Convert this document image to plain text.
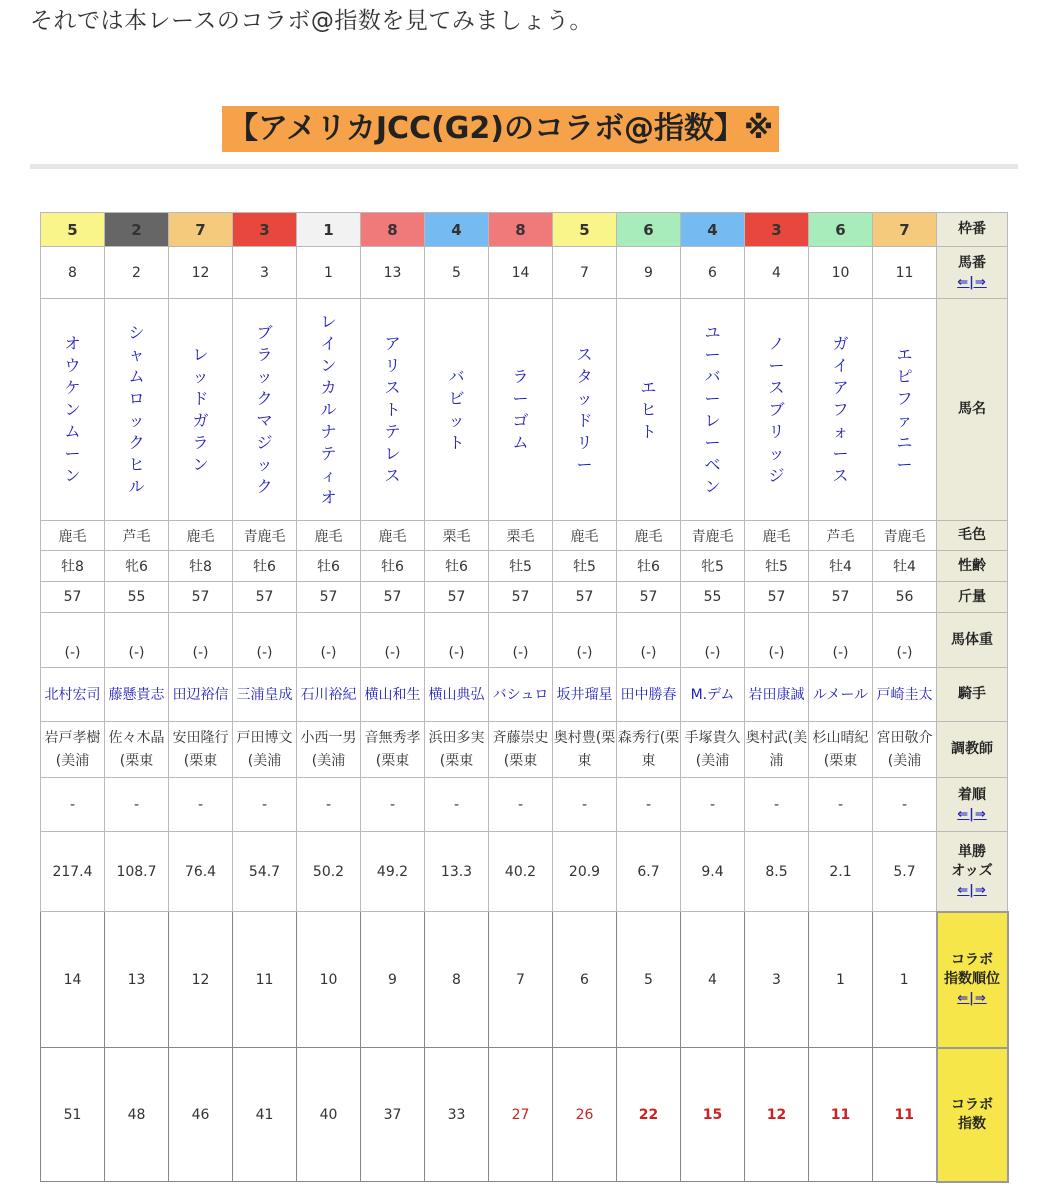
それでは本レースのコラボ@指数を見てみましょう。
【アメリカJCC(G2)のコラボ@指数】※
5	2	7	3	1	8	4	8	5	6	4	3	6	7	枠番
8	2	12	3	1	13	5	14	7	9	6	4	10	11	馬番
⇐|⇒

オウケンムーン	シャムロックヒル	レッドガラン	ブラックマジック	レインカルナティオ	アリストテレス	バビット	ラーゴム	スタッドリー	エヒト	ユーバーレーベン	ノースブリッジ	ガイアフォース	エピファニー	馬名
鹿毛	芦毛	鹿毛	青鹿毛	鹿毛	鹿毛	栗毛	栗毛	鹿毛	鹿毛	青鹿毛	鹿毛	芦毛	青鹿毛	毛色
牡8	牝6	牡8	牡6	牡6	牡6	牡6	牡5	牡5	牡6	牝5	牡5	牡4	牡4	性齢
57	55	57	57	57	57	57	57	57	57	55	57	57	56	斤量
(-)	(-)	(-)	(-)	(-)	(-)	(-)	(-)	(-)	(-)	(-)	(-)	(-)	(-)	馬体重
北村宏司	藤懸貴志	田辺裕信	三浦皇成	石川裕紀	横山和生	横山典弘	バシュロ	坂井瑠星	田中勝春	M.デム	岩田康誠	ルメール	戸崎圭太	騎手
岩戸孝樹(美浦	佐々木晶(栗東	安田隆行(栗東	戸田博文(美浦	小西一男(美浦	音無秀孝(栗東	浜田多実(栗東	斉藤崇史(栗東	奥村豊(栗東	森秀行(栗東	手塚貴久(美浦	奥村武(美浦	杉山晴紀(栗東	宮田敬介(美浦	調教師
-	-	-	-	-	-	-	-	-	-	-	-	-	-	着順
⇐|⇒
217.4	108.7	76.4	54.7	50.2	49.2	13.3	40.2	20.9	6.7	9.4	8.5	2.1	5.7	単勝
オッズ
⇐|⇒
14	13	12	11	10	9	8	7	6	5	4	3	1	1	コラボ
指数順位
⇐|⇒
51	48	46	41	40	37	33	27	26	22	15	12	11	11	コラボ
指数
